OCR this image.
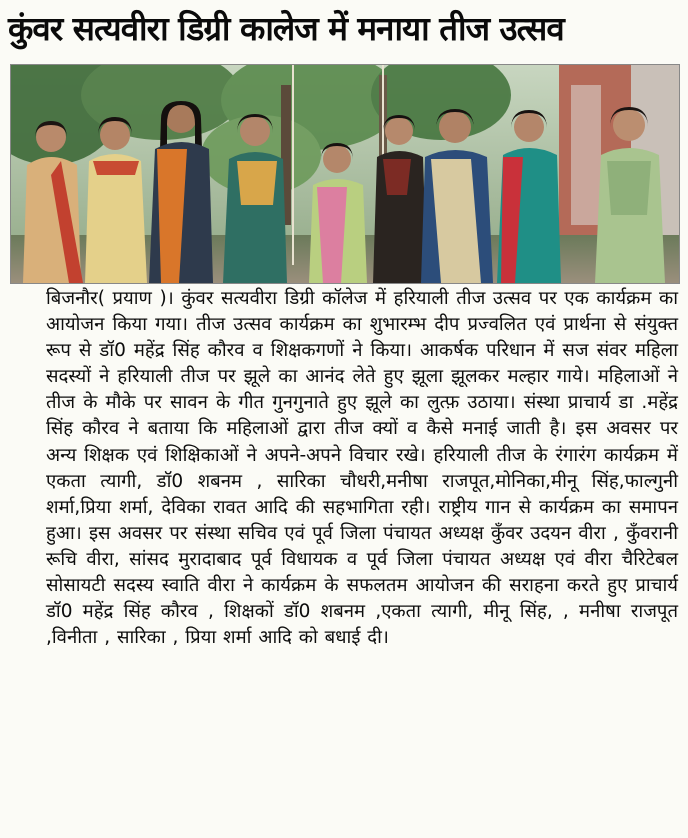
कुंवर सत्यवीरा डिग्री कालेज में मनाया तीज उत्सव

बिजनौर( प्रयाण )। कुंवर सत्यवीरा डिग्री कॉलेज में हरियाली तीज उत्सव पर एक कार्यक्रम का आयोजन किया गया। तीज उत्सव कार्यक्रम का शुभारम्भ दीप प्रज्वलित एवं प्रार्थना से संयुक्त रूप से डॉ0 महेंद्र सिंह कौरव व शिक्षकगणों ने किया। आकर्षक परिधान में सज संवर महिला सदस्यों ने हरियाली तीज पर झूले का आनंद लेते हुए झूला झूलकर मल्हार गाये। महिलाओं ने तीज के मौके पर सावन के गीत गुनगुनाते हुए झूले का लुत्फ़ उठाया। संस्था प्राचार्य डा .महेंद्र सिंह कौरव ने बताया कि महिलाओं द्वारा तीज क्यों व कैसे मनाई जाती है। इस अवसर पर अन्य शिक्षक एवं शिक्षिकाओं ने अपने-अपने विचार रखे। हरियाली तीज के रंगारंग कार्यक्रम में एकता त्यागी, डॉ0 शबनम , सारिका चौधरी,मनीषा राजपूत,मोनिका,मीनू सिंह,फाल्गुनी शर्मा,प्रिया शर्मा, देविका रावत आदि की सहभागिता रही। राष्ट्रीय गान से कार्यक्रम का समापन हुआ। इस अवसर पर संस्था सचिव एवं पूर्व जिला पंचायत अध्यक्ष कुँवर उदयन वीरा , कुँवरानी रूचि वीरा, सांसद मुरादाबाद पूर्व विधायक व पूर्व जिला पंचायत अध्यक्ष एवं वीरा चैरिटेबल सोसायटी सदस्य स्वाति वीरा ने कार्यक्रम के सफलतम आयोजन की सराहना करते हुए प्राचार्य डॉ0 महेंद्र सिंह कौरव , शिक्षकों डॉ0 शबनम ,एकता त्यागी, मीनू सिंह, , मनीषा राजपूत ,विनीता , सारिका , प्रिया शर्मा आदि को बधाई दी।
